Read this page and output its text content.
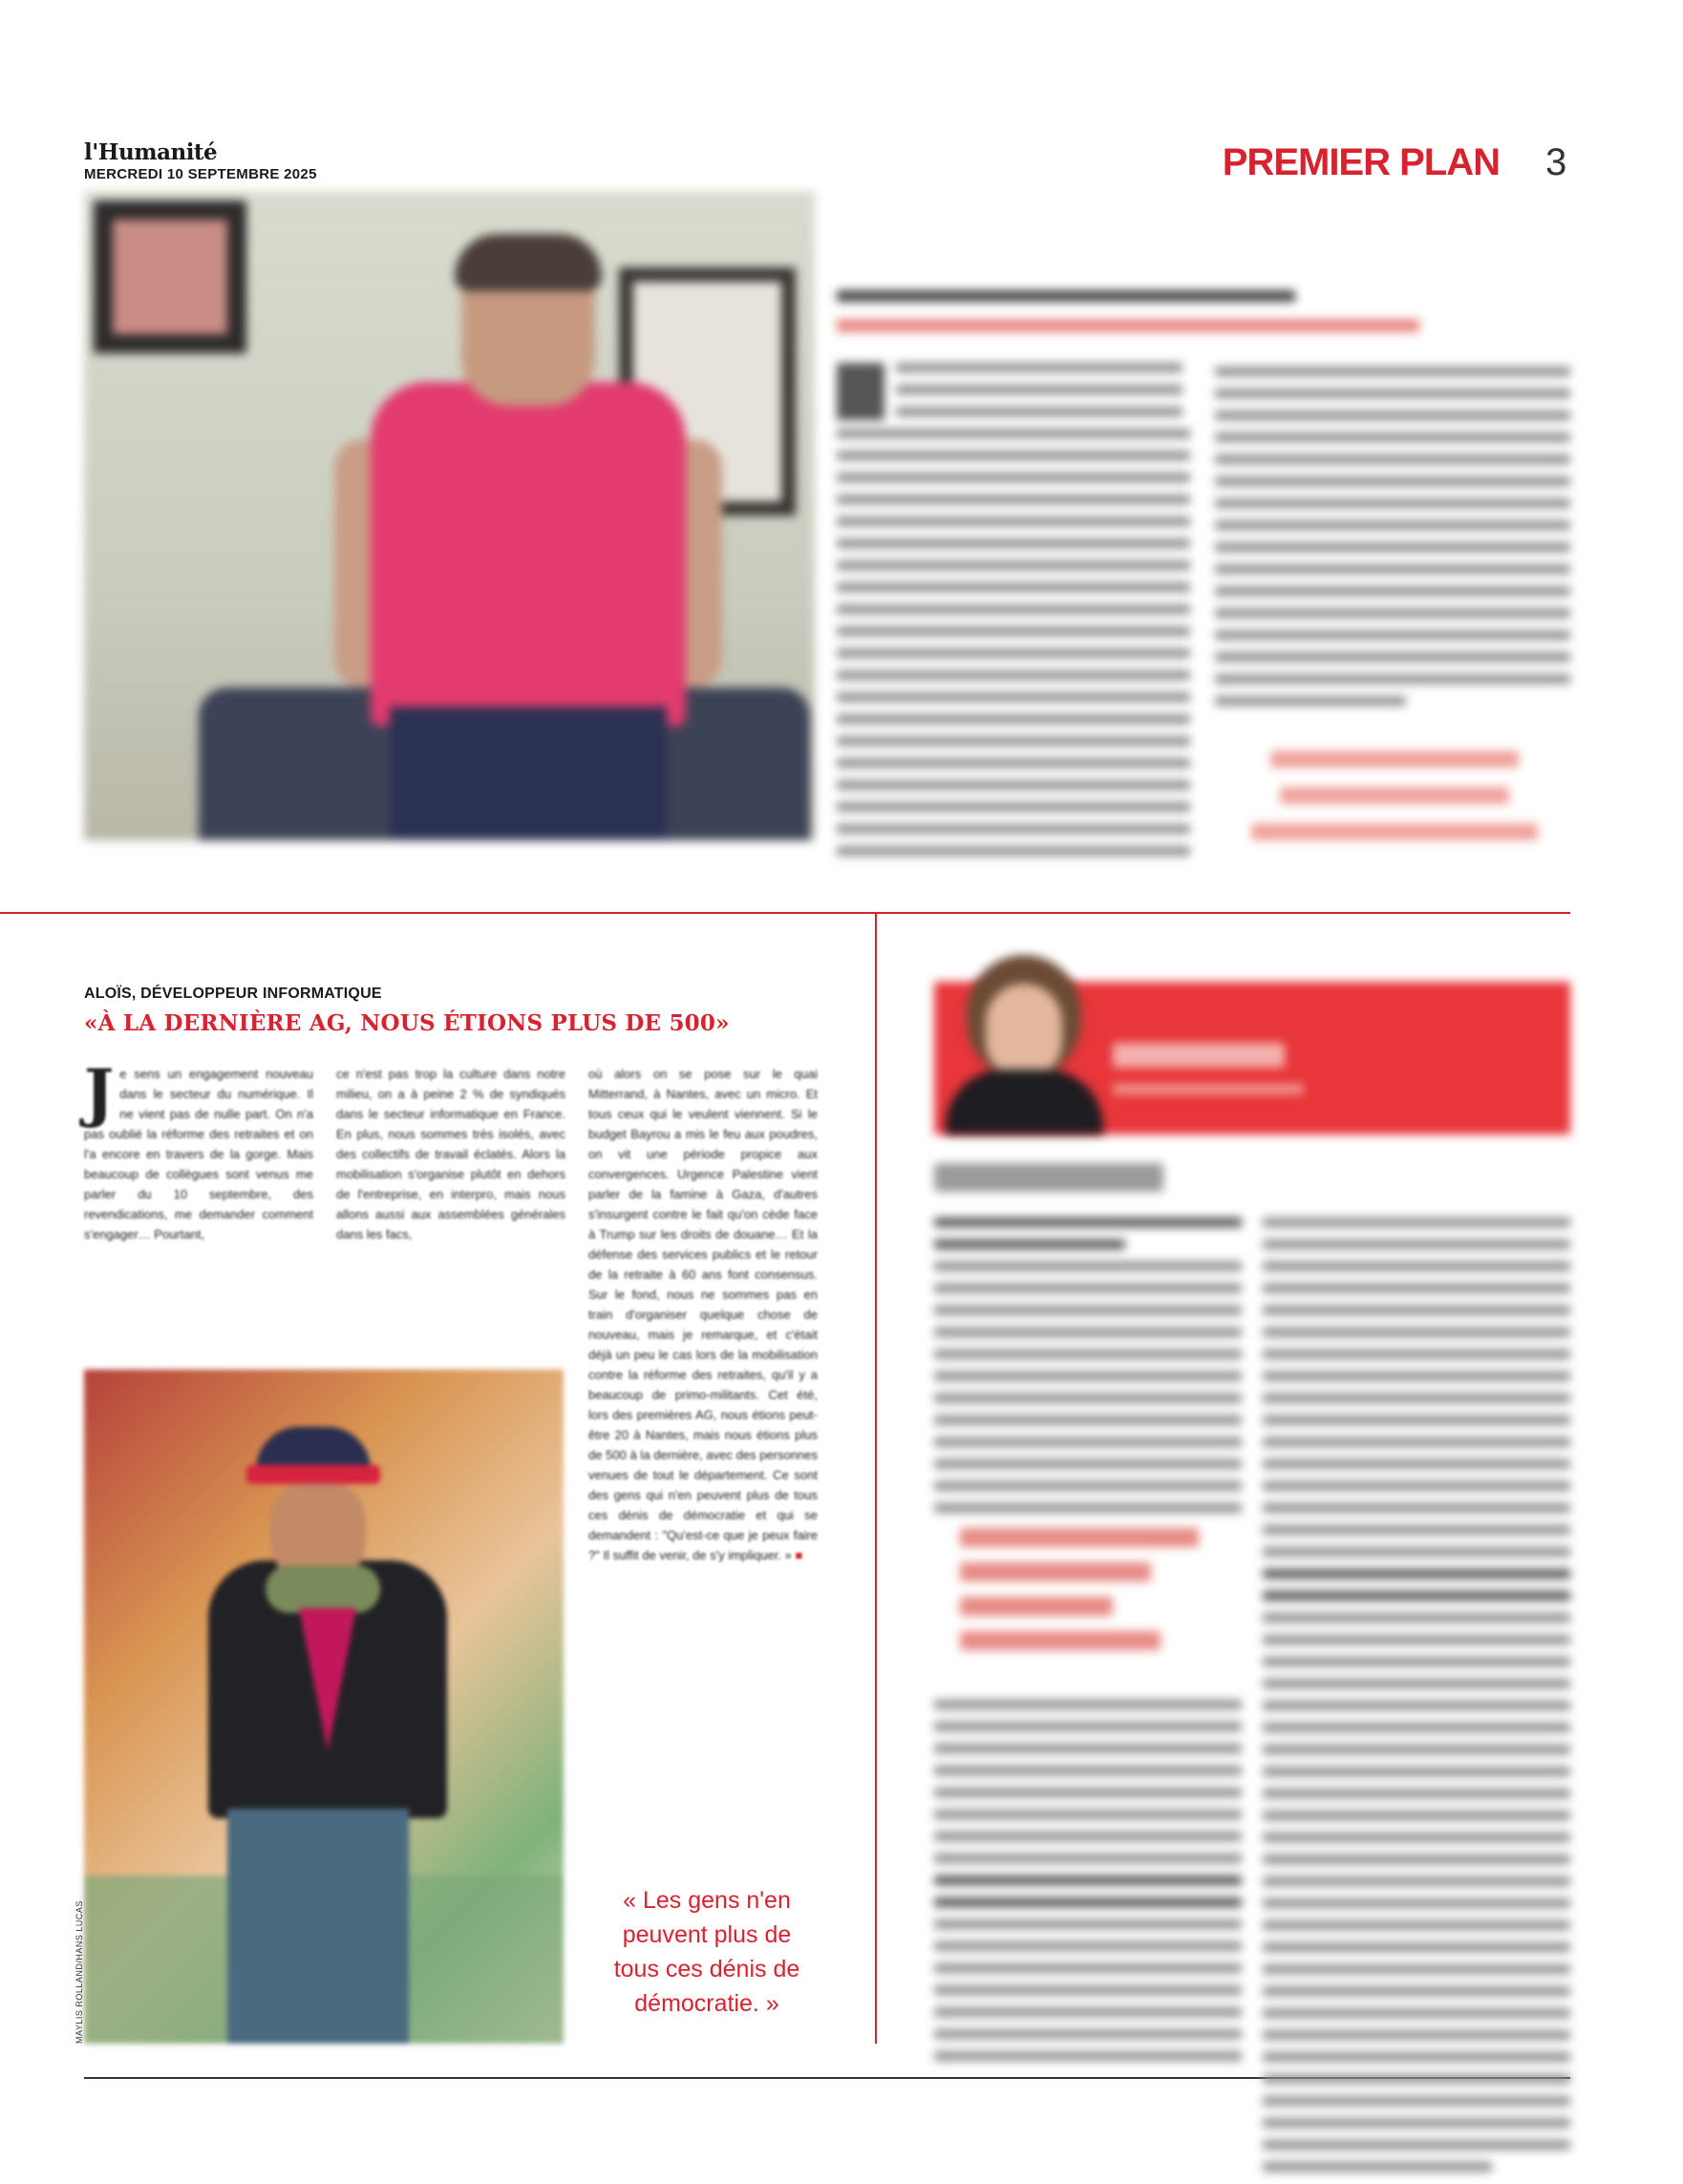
l'Humanité
MERCREDI 10 SEPTEMBRE 2025	PREMIER PLAN 3
ALOÏS, DÉVELOPPEUR INFORMATIQUE
«À LA DERNIÈRE AG, NOUS ÉTIONS PLUS DE 500»
Je sens un engagement nouveau dans le secteur du numérique. Il ne vient pas de nulle part. On n'a pas oublié la réforme des retraites et on l'a encore en travers de la gorge. Mais beaucoup de collègues sont venus me parler du 10 septembre, des revendications, me demander comment s'engager… Pourtant,
ce n'est pas trop la culture dans notre milieu, on a à peine 2 % de syndiqués dans le secteur informatique en France. En plus, nous sommes très isolés, avec des collectifs de travail éclatés. Alors la mobilisation s'organise plutôt en dehors de l'entreprise, en interpro, mais nous allons aussi aux assemblées générales dans les facs,
où alors on se pose sur le quai Mitterrand, à Nantes, avec un micro. Et tous ceux qui le veulent viennent. Si le budget Bayrou a mis le feu aux poudres, on vit une période propice aux convergences. Urgence Palestine vient parler de la famine à Gaza, d'autres s'insurgent contre le fait qu'on cède face à Trump sur les droits de douane… Et la défense des services publics et le retour de la retraite à 60 ans font consensus. Sur le fond, nous ne sommes pas en train d'organiser quelque chose de nouveau, mais je remarque, et c'était déjà un peu le cas lors de la mobilisation contre la réforme des retraites, qu'il y a beaucoup de primo-militants. Cet été, lors des premières AG, nous étions peut-être 20 à Nantes, mais nous étions plus de 500 à la dernière, avec des personnes venues de tout le département. Ce sont des gens qui n'en peuvent plus de tous ces dénis de démocratie et qui se demandent : "Qu'est-ce que je peux faire ?" Il suffit de venir, de s'y impliquer. » ■
MAYLIS ROLLAND/HANS LUCAS
« Les gens n'en peuvent plus de tous ces dénis de démocratie. »
